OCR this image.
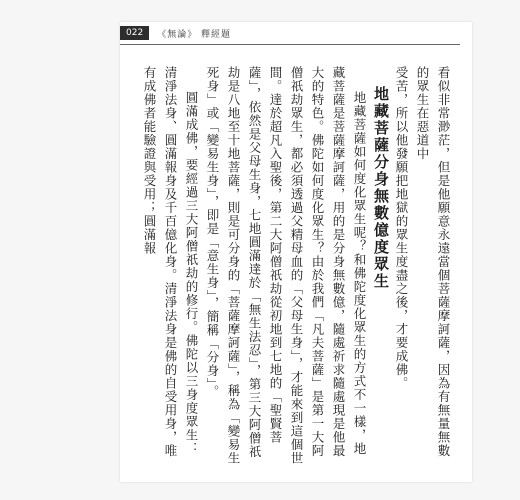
022	《無論》 釋經題

看似非常渺茫，但是他願意永遠當個菩薩摩訶薩，因為有無量無數的眾生在惡道中

受苦，所以他發願把地獄的眾生度盡之後，才要成佛。

地藏菩薩分身無數億度眾生

地藏菩薩如何度化眾生呢？和佛陀度化眾生的方式不一樣，地藏菩薩是菩薩摩訶薩，用的是分身無數億，隨處祈求隨處現是他最大的特色。佛陀如何度化眾生？由於我們「凡夫菩薩」是第一大阿僧祇劫眾生，都必須透過父精母血的「父母生身」，才能來到這個世間。達於超凡入聖後，第二大阿僧祇劫從初地到七地的「聖賢菩薩」，依然是父母生身，七地圓滿達於「無生法忍」，第三大阿僧祇劫是八地至十地菩薩，則是可分身的「菩薩摩訶薩」，稱為「變易生死身」或「變易生身」，即是「意生身」，簡稱「分身」。

圓滿成佛，要經過三大阿僧祇劫的修行。佛陀以三身度眾生：清淨法身、圓滿報身及千百億化身。清淨法身是佛的自受用身，唯有成佛者能驗證與受用；圓滿報
